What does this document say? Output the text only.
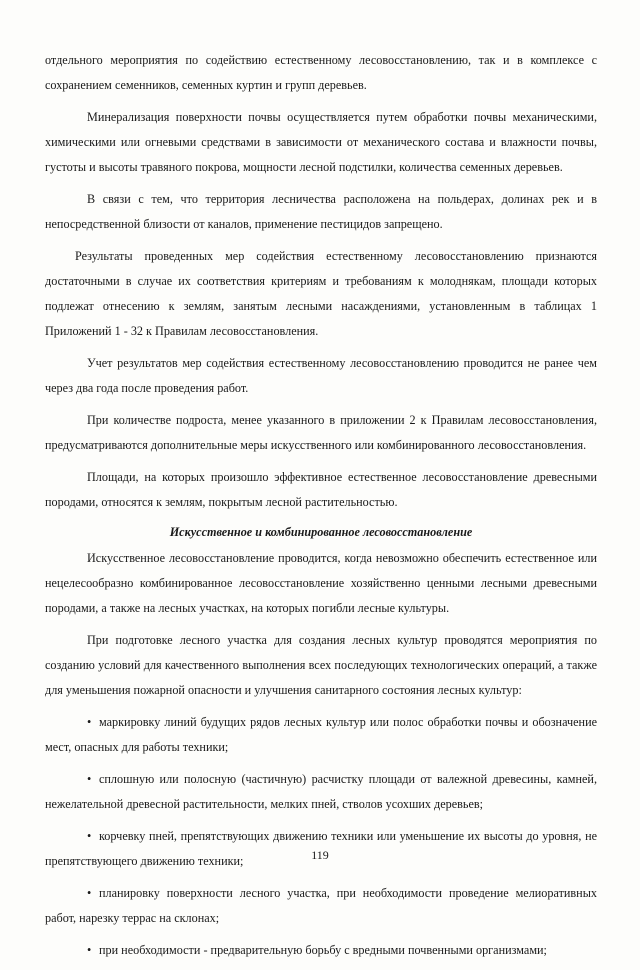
отдельного мероприятия по содействию естественному лесовосстановлению, так и в комплексе с сохранением семенников, семенных куртин и групп деревьев.

Минерализация поверхности почвы осуществляется путем обработки почвы механическими, химическими или огневыми средствами в зависимости от механического состава и влажности почвы, густоты и высоты травяного покрова, мощности лесной подстилки, количества семенных деревьев.

В связи с тем, что территория лесничества расположена на польдерах, долинах рек и в непосредственной близости от каналов, применение пестицидов запрещено.

Результаты проведенных мер содействия естественному лесовосстановлению признаются достаточными в случае их соответствия критериям и требованиям к молоднякам, площади которых подлежат отнесению к землям, занятым лесными насаждениями, установленным в таблицах 1 Приложений 1 - 32 к Правилам лесовосстановления.

Учет результатов мер содействия естественному лесовосстановлению проводится не ранее чем через два года после проведения работ.

При количестве подроста, менее указанного в приложении 2 к Правилам лесовосстановления, предусматриваются дополнительные меры искусственного или комбинированного лесовосстановления.

Площади, на которых произошло эффективное естественное лесовосстановление древесными породами, относятся к землям, покрытым лесной растительностью.

Искусственное и комбинированное лесовосстановление

Искусственное лесовосстановление проводится, когда невозможно обеспечить естественное или нецелесообразно комбинированное лесовосстановление хозяйственно ценными лесными древесными породами, а также на лесных участках, на которых погибли лесные культуры.

При подготовке лесного участка для создания лесных культур проводятся мероприятия по созданию условий для качественного выполнения всех последующих технологических операций, а также для уменьшения пожарной опасности и улучшения санитарного состояния лесных культур:

• маркировку линий будущих рядов лесных культур или полос обработки почвы и обозначение мест, опасных для работы техники;

• сплошную или полосную (частичную) расчистку площади от валежной древесины, камней, нежелательной древесной растительности, мелких пней, стволов усохших деревьев;

• корчевку пней, препятствующих движению техники или уменьшение их высоты до уровня, не препятствующего движению техники;

• планировку поверхности лесного участка, при необходимости проведение мелиоративных работ, нарезку террас на склонах;

• при необходимости - предварительную борьбу с вредными почвенными организмами;

119
